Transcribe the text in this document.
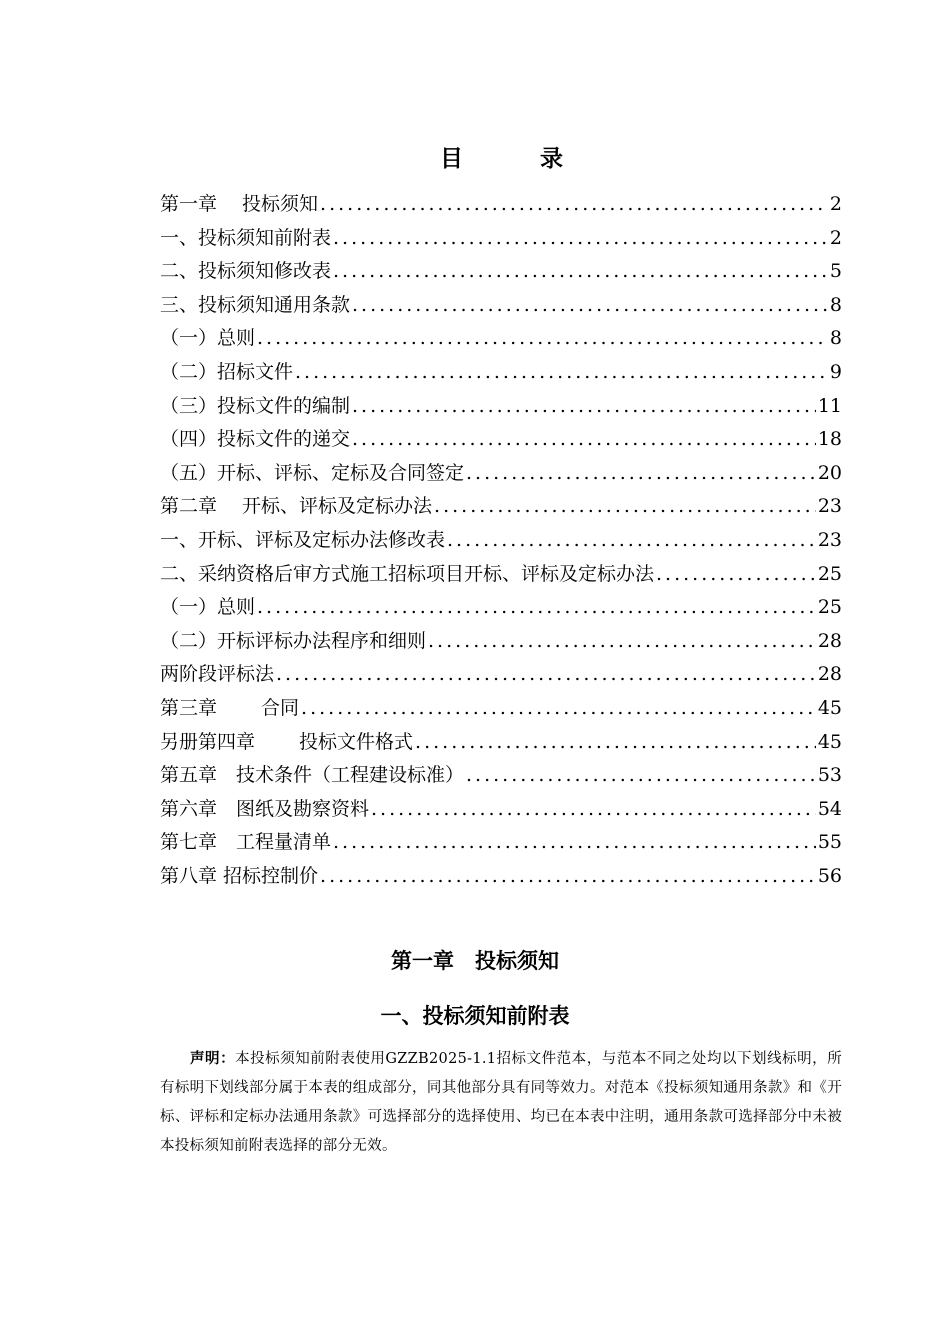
目	录
第一章　 投标须知 .....	2
一、投标须知前附表 .....	2
二、投标须知修改表 .....	5
三、投标须知通用条款 .....	8
（一）总则 .....	8
（二）招标文件 .....	9
（三）投标文件的编制 .....	11
（四）投标文件的递交 .....	18
（五）开标、评标、定标及合同签定 .....	20
第二章　 开标、评标及定标办法 .....	23
一、开标、评标及定标办法修改表 .....	23
二、采纳资格后审方式施工招标项目开标、评标及定标办法 .....	25
（一）总则 .....	25
（二）开标评标办法程序和细则 .....	28
两阶段评标法 .....	28
第三章　　 合同 .....	45
另册第四章　　 投标文件格式 .....	45
第五章　技术条件（工程建设标准） .....	53
第六章　图纸及勘察资料 .....	54
第七章　工程量清单 .....	55
第八章 招标控制价 .....	56
第一章　投标须知
一、投标须知前附表
声明：本投标须知前附表使用GZZB2025-1.1招标文件范本，与范本不同之处均以下划线标明，所有标明下划线部分属于本表的组成部分，同其他部分具有同等效力。对范本《投标须知通用条款》和《开标、评标和定标办法通用条款》可选择部分的选择使用、均已在本表中注明，通用条款可选择部分中未被本投标须知前附表选择的部分无效。
